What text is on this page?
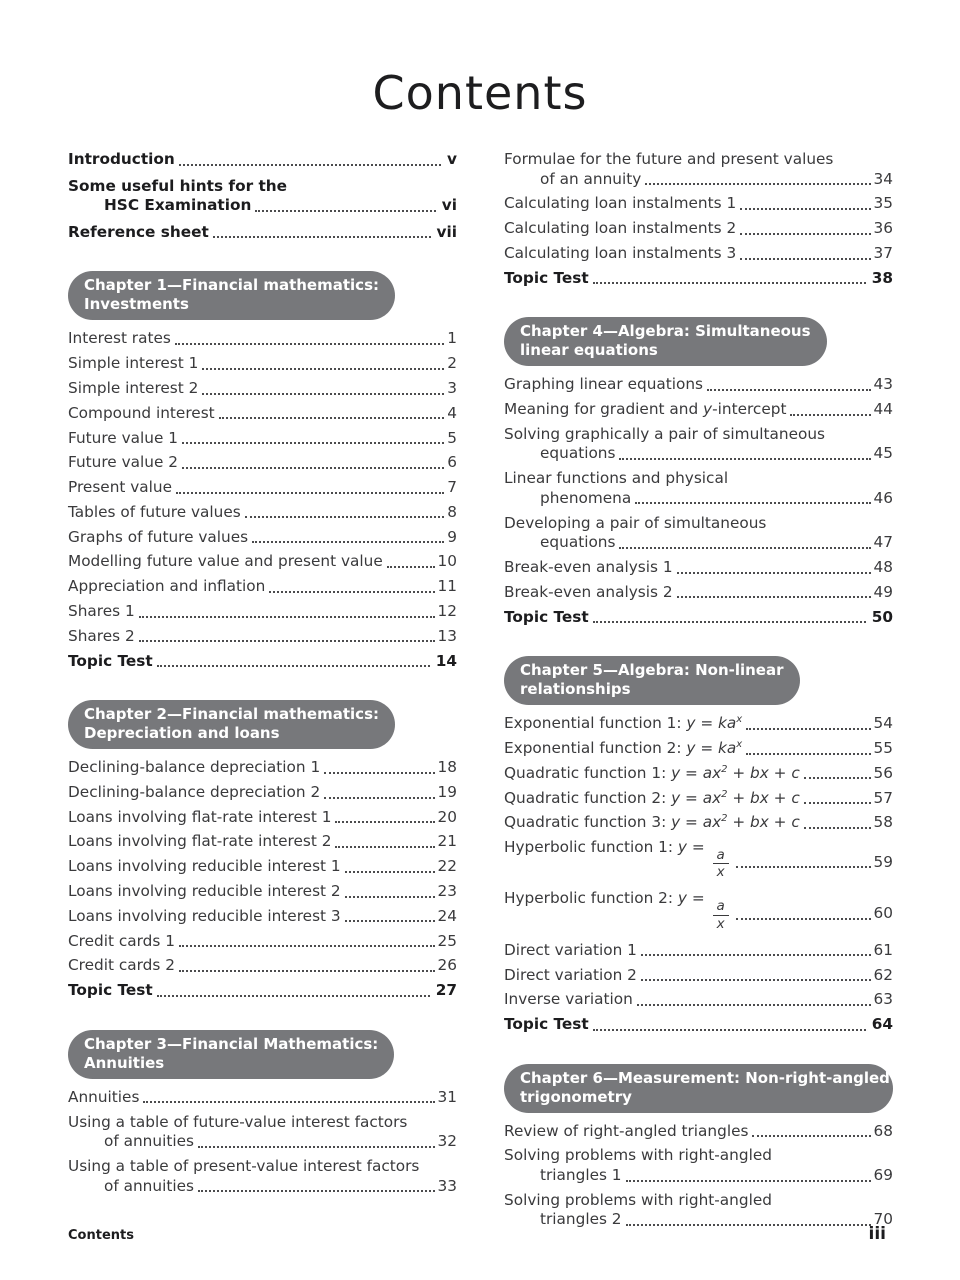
Contents
Introduction	v
Some useful hints for the
HSC Examination	vi
Reference sheet	vii
Chapter 1—Financial mathematics:
Investments
Interest rates	1
Simple interest 1	2
Simple interest 2	3
Compound interest	4
Future value 1	5
Future value 2	6
Present value	7
Tables of future values	8
Graphs of future values	9
Modelling future value and present value	10
Appreciation and inflation	11
Shares 1	12
Shares 2	13
Topic Test	14
Chapter 2—Financial mathematics:
Depreciation and loans
Declining-balance depreciation 1	18
Declining-balance depreciation 2	19
Loans involving flat-rate interest 1	20
Loans involving flat-rate interest 2	21
Loans involving reducible interest 1	22
Loans involving reducible interest 2	23
Loans involving reducible interest 3	24
Credit cards 1	25
Credit cards 2	26
Topic Test	27
Chapter 3—Financial Mathematics:
Annuities
Annuities	31
Using a table of future-value interest factors
of annuities	32
Using a table of present-value interest factors
of annuities	33
Formulae for the future and present values
of an annuity	34
Calculating loan instalments 1	35
Calculating loan instalments 2	36
Calculating loan instalments 3	37
Topic Test	38
Chapter 4—Algebra: Simultaneous
linear equations
Graphing linear equations	43
Meaning for gradient and y-intercept	44
Solving graphically a pair of simultaneous
equations	45
Linear functions and physical
phenomena	46
Developing a pair of simultaneous
equations	47
Break-even analysis 1	48
Break-even analysis 2	49
Topic Test	50
Chapter 5—Algebra: Non-linear
relationships
Exponential function 1: $y = ka^x$	54
Exponential function 2: $y = ka^x$	55
Quadratic function 1: $y = ax^2$ + bx + c	56
Quadratic function 2: $y = ax^2$ + bx + c	57
Quadratic function 3: $y = ax^2$ + bx + c	58
Hyperbolic function 1: y =
$\frac{a}{x}$	59
Hyperbolic function 2: y =
$\frac{a}{x}$	60
Direct variation 1	61
Direct variation 2	62
Inverse variation	63
Topic Test	64
Chapter 6—Measurement: Non-right-angled
trigonometry
Review of right-angled triangles	68
Solving problems with right-angled
triangles 1	69
Solving problems with right-angled
triangles 2	70
Contents	iii
